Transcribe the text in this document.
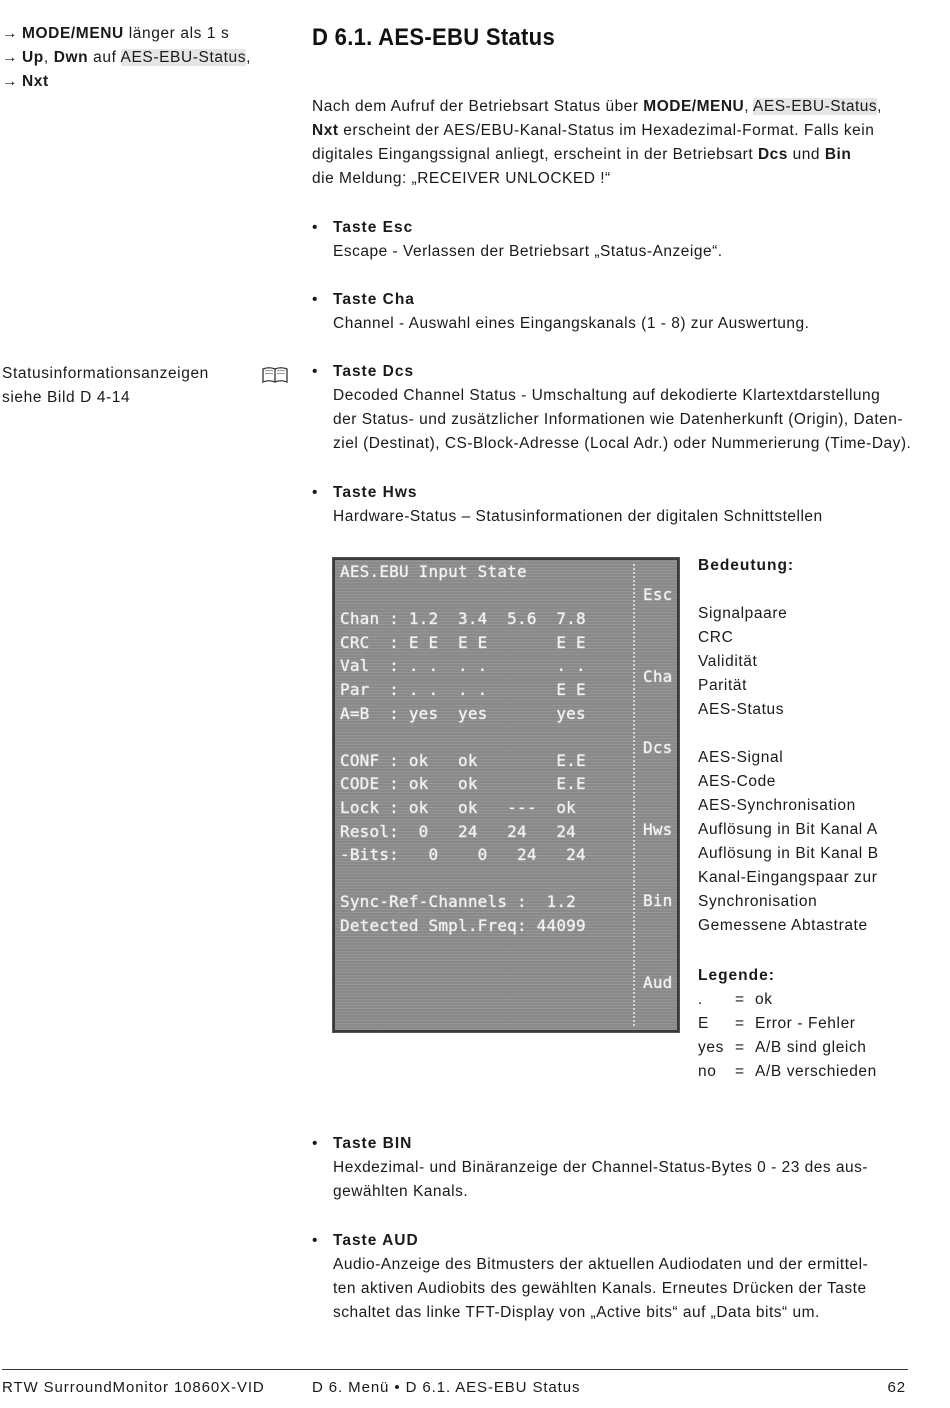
→ MODE/MENU länger als 1 s
→ Up, Dwn auf AES-EBU-Status,
→ Nxt
Statusinformationsanzeigen
siehe Bild D 4-14
D 6.1. AES-EBU Status
Nach dem Aufruf der Betriebsart Status über MODE/MENU, AES-EBU-Status,
Nxt erscheint der AES/EBU-Kanal-Status im Hexadezimal-Format. Falls kein
digitales Eingangssignal anliegt, erscheint in der Betriebsart Dcs und Bin
die Meldung: „RECEIVER UNLOCKED !“
• Taste Esc
Escape - Verlassen der Betriebsart „Status-Anzeige“.
• Taste Cha
Channel - Auswahl eines Eingangskanals (1 - 8) zur Auswertung.
• Taste Dcs
Decoded Channel Status - Umschaltung auf dekodierte Klartextdarstellung
der Status- und zusätzlicher Informationen wie Datenherkunft (Origin), Daten-
ziel (Destinat), CS-Block-Adresse (Local Adr.) oder Nummerierung (Time-Day).
• Taste Hws
Hardware-Status – Statusinformationen der digitalen Schnittstellen
AES.EBU Input State
Chan : 1.2  3.4  5.6  7.8
CRC  : E E  E E       E E
Val  : . .  . .       . .
Par  : . .  . .       E E
A=B  : yes  yes       yes
CONF : ok   ok        E.E
CODE : ok   ok        E.E
Lock : ok   ok   ---  ok
Resol:  0   24   24   24
-Bits:   0    0   24   24
Sync-Ref-Channels :  1.2
Detected Smpl.Freq: 44099
Esc
Cha
Dcs
Hws
Bin
Aud
Bedeutung:
Signalpaare
CRC
Validität
Parität
AES-Status
AES-Signal
AES-Code
AES-Synchronisation
Auflösung in Bit Kanal A
Auflösung in Bit Kanal B
Kanal-Eingangspaar zur
Synchronisation
Gemessene Abtastrate
Legende:
.	= ok
E	= Error - Fehler
yes = A/B sind gleich
no	= A/B verschieden
• Taste BIN
Hexdezimal- und Binäranzeige der Channel-Status-Bytes 0 - 23 des aus-
gewählten Kanals.
• Taste AUD
Audio-Anzeige des Bitmusters der aktuellen Audiodaten und der ermittel-
ten aktiven Audiobits des gewählten Kanals. Erneutes Drücken der Taste
schaltet das linke TFT-Display von „Active bits“ auf „Data bits“ um.
RTW SurroundMonitor 10860X-VID	D 6. Menü • D 6.1. AES-EBU Status	62
